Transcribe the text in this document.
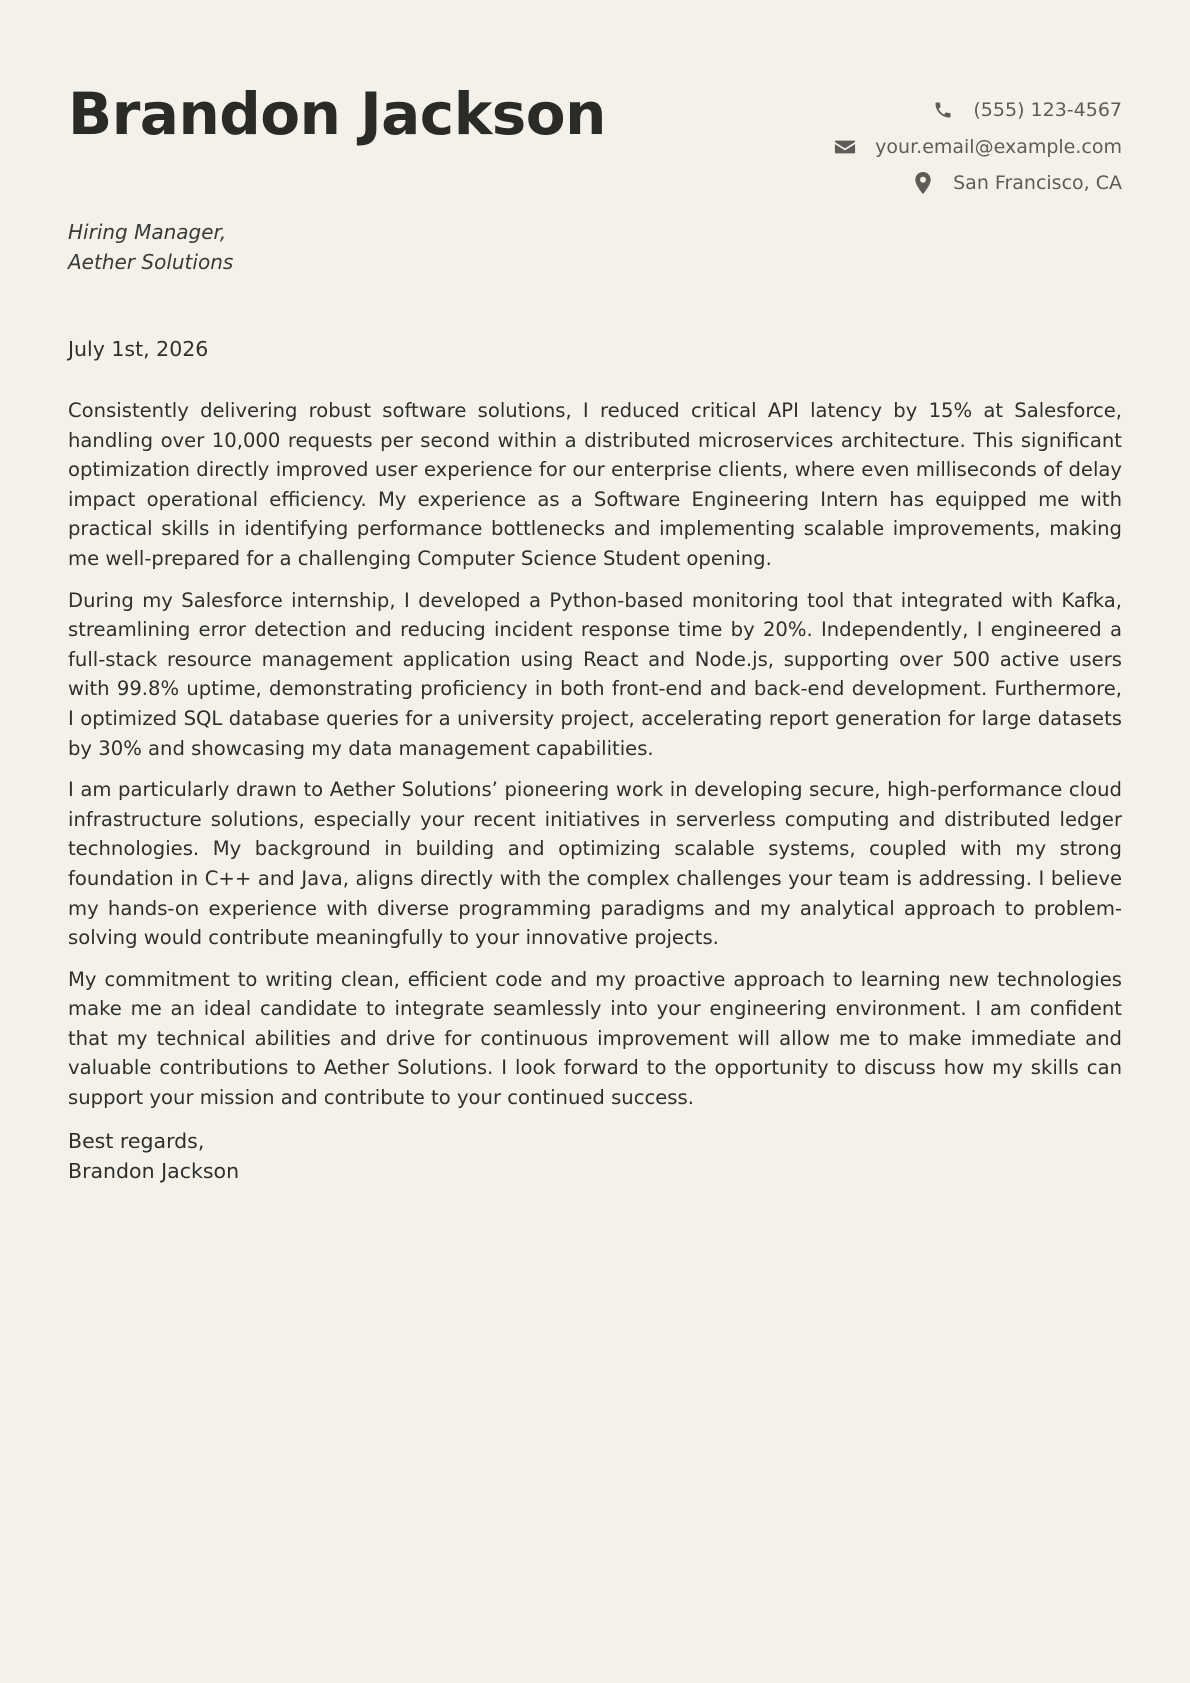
Brandon Jackson	(555) 123-4567
your.email@example.com
San Francisco, CA
Hiring Manager,
Aether Solutions
July 1st, 2026

Consistently delivering robust software solutions, I reduced critical API latency by 15% at Salesforce, handling over 10,000 requests per second within a distributed microservices architecture. This significant optimization directly improved user experience for our enterprise clients, where even milliseconds of delay impact operational efficiency. My experience as a Software Engineering Intern has equipped me with practical skills in identifying performance bottlenecks and implementing scalable improvements, making me well-prepared for a challenging Computer Science Student opening.

During my Salesforce internship, I developed a Python-based monitoring tool that integrated with Kafka, streamlining error detection and reducing incident response time by 20%. Independently, I engineered a full-stack resource management application using React and Node.js, supporting over 500 active users with 99.8% uptime, demonstrating proficiency in both front-end and back-end development. Furthermore, I optimized SQL database queries for a university project, accelerating report generation for large datasets by 30% and showcasing my data management capabilities.

I am particularly drawn to Aether Solutions’ pioneering work in developing secure, high-performance cloud infrastructure solutions, especially your recent initiatives in serverless computing and distributed ledger technologies. My background in building and optimizing scalable systems, coupled with my strong foundation in C++ and Java, aligns directly with the complex challenges your team is addressing. I believe my hands-on experience with diverse programming paradigms and my analytical approach to problem-solving would contribute meaningfully to your innovative projects.

My commitment to writing clean, efficient code and my proactive approach to learning new technologies make me an ideal candidate to integrate seamlessly into your engineering environment. I am confident that my technical abilities and drive for continuous improvement will allow me to make immediate and valuable contributions to Aether Solutions. I look forward to the opportunity to discuss how my skills can support your mission and contribute to your continued success.

Best regards,
Brandon Jackson
